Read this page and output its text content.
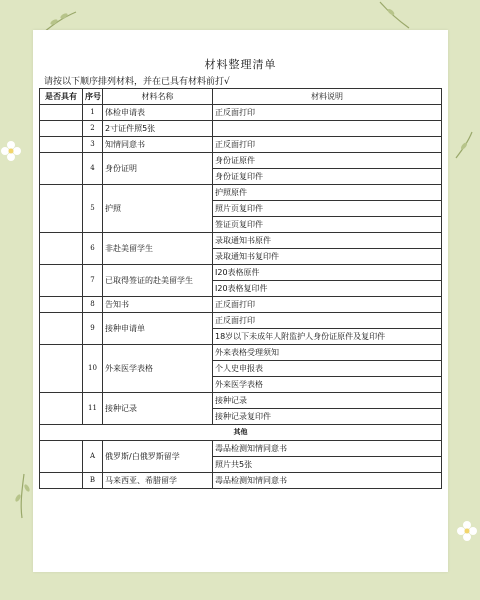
材料整理清单
请按以下顺序排列材料，并在已具有材料前打√
是否具有	序号	材料名称	材料说明
	1	体检申请表	正反面打印
	2	2寸证件照5张	
	3	知情同意书	正反面打印
	4	身份证明	身份证原件
			身份证复印件
	5	护照	护照原件
			照片页复印件
			签证页复印件
	6	非赴美留学生	录取通知书原件
			录取通知书复印件
	7	已取得签证的赴美留学生	I20表格原件
			I20表格复印件
	8	告知书	正反面打印
	9	接种申请单	正反面打印
			18岁以下未成年人附监护人身份证原件及复印件
	10	外来医学表格	外来表格受理须知
			个人史申报表
			外来医学表格
	11	接种记录	接种记录
			接种记录复印件
其他			
	A	俄罗斯/白俄罗斯留学	毒品检测知情同意书
			照片共5张
	B	马来西亚、希腊留学	毒品检测知情同意书
